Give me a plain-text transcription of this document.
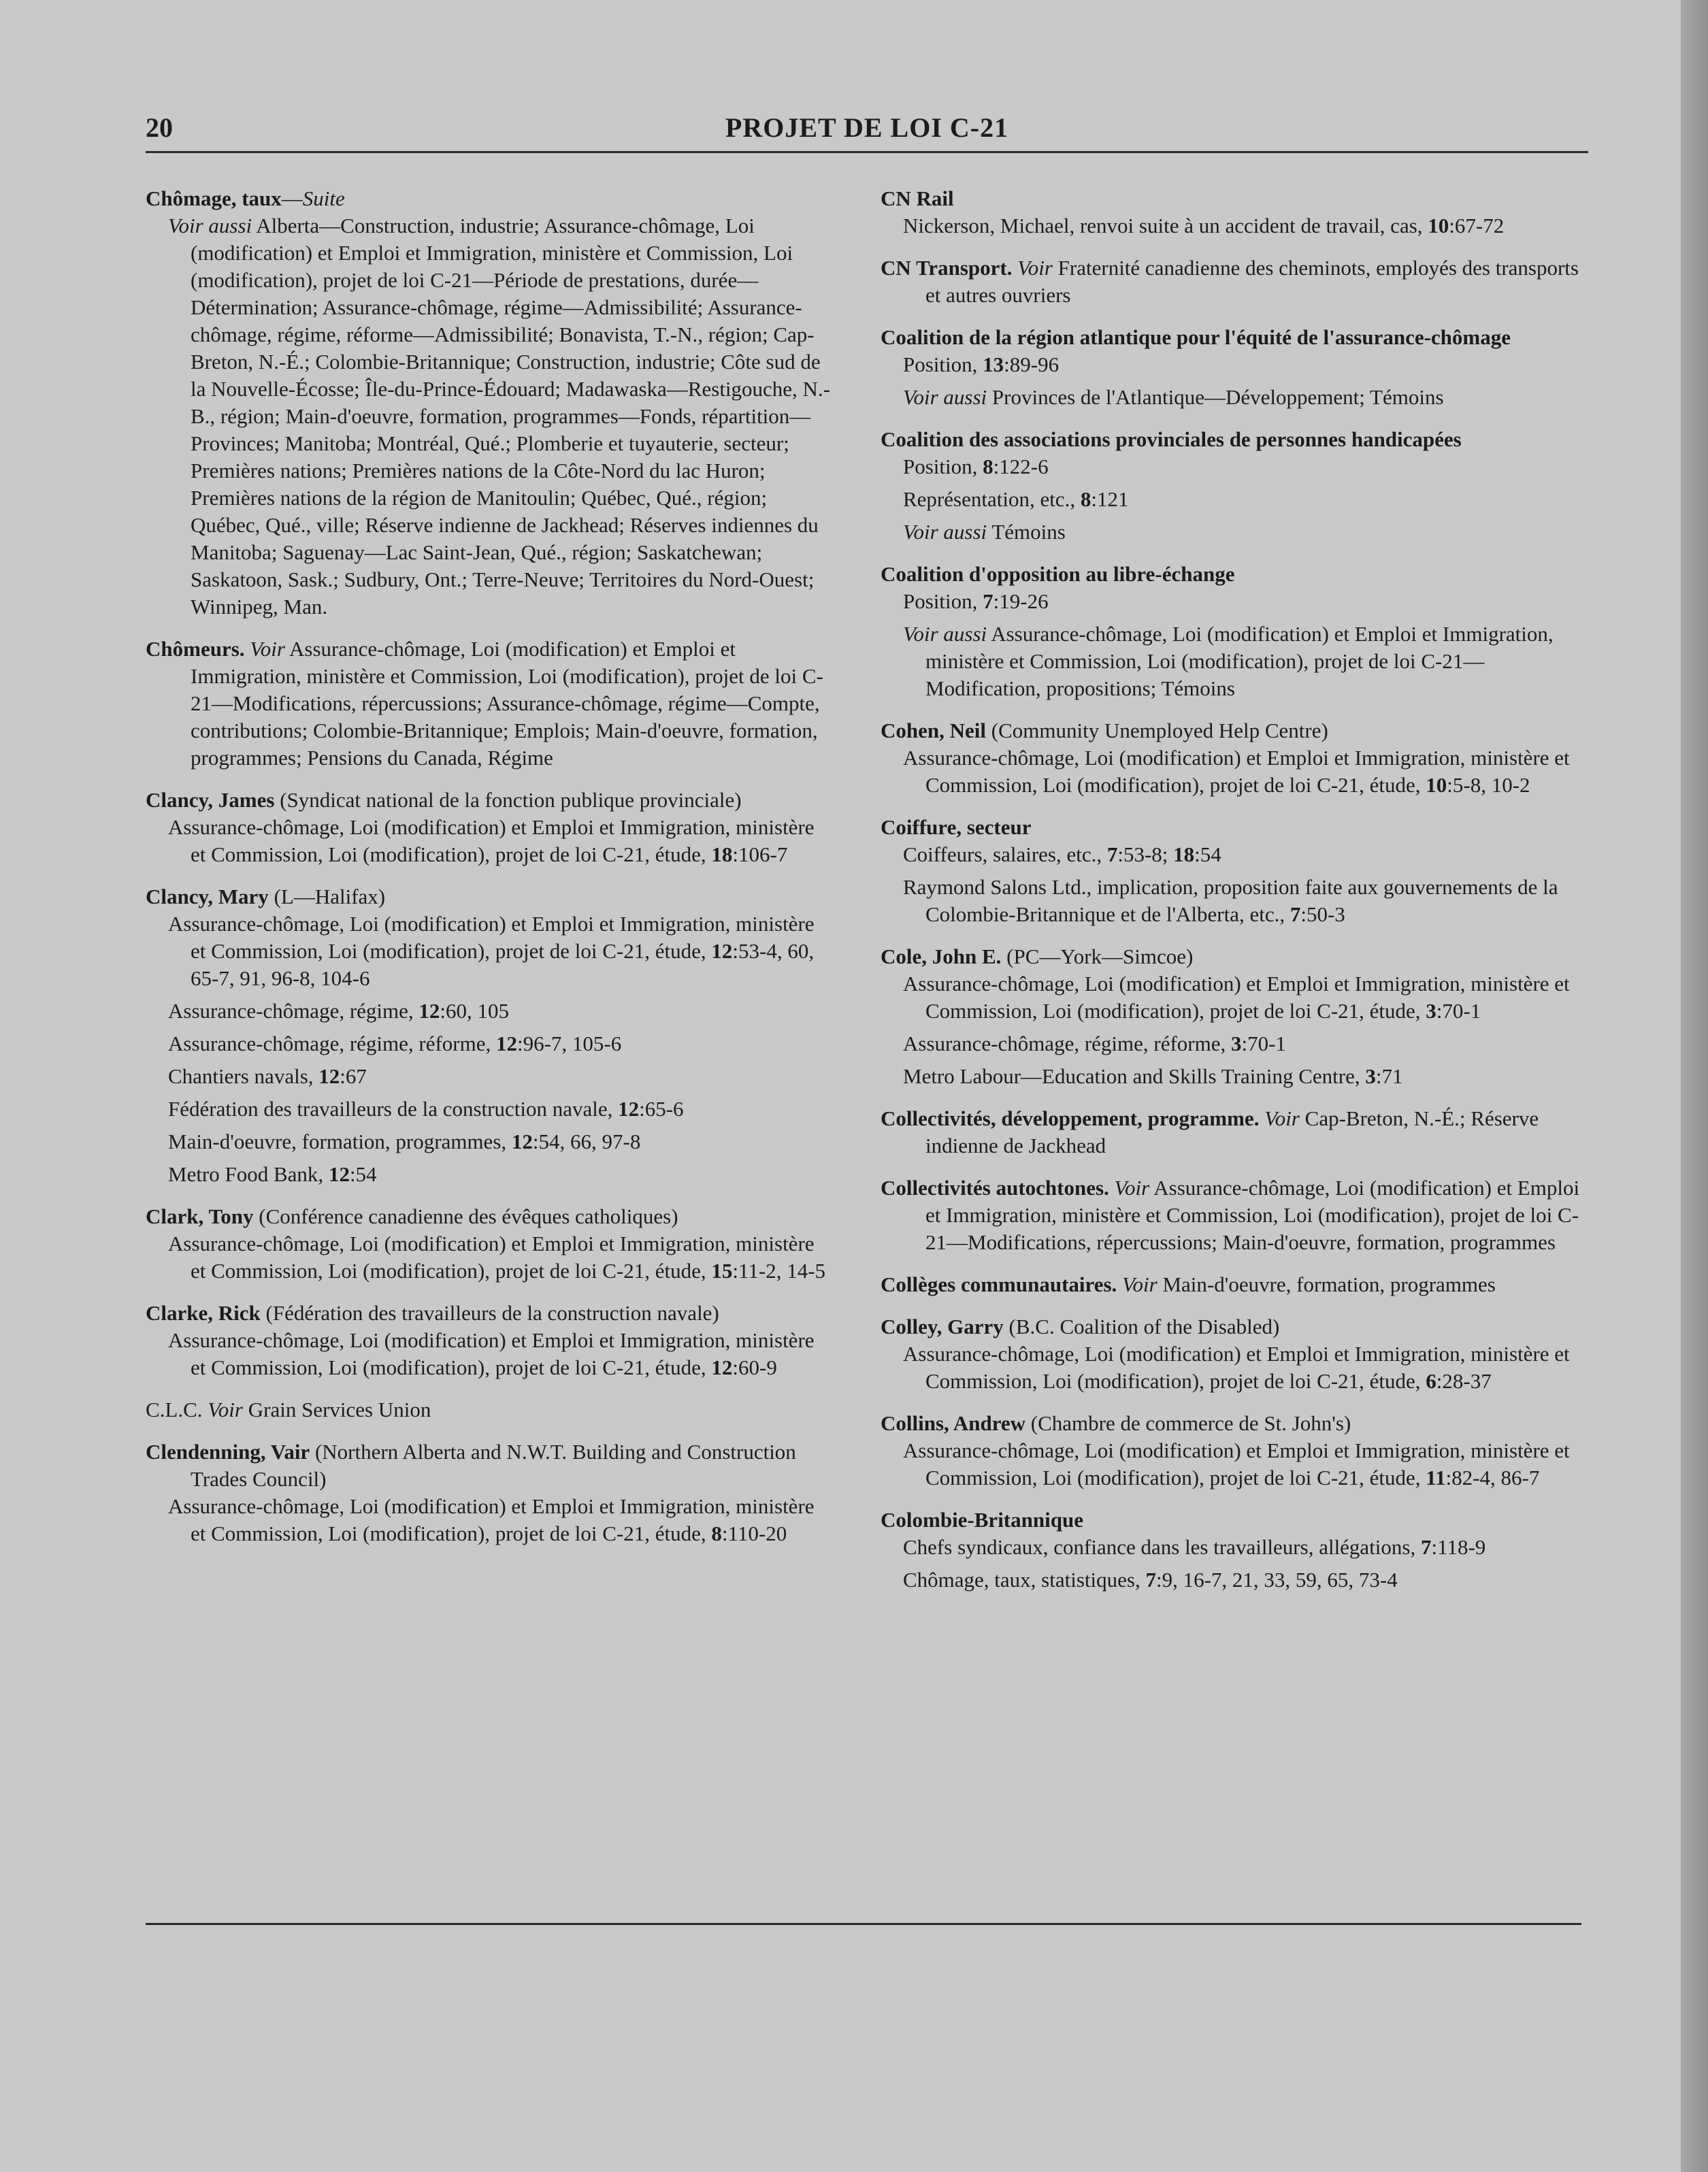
PROJET DE LOI C-21
20
Chômage, taux—Suite
Voir aussi Alberta—Construction, industrie; Assurance-chômage, Loi (modification) et Emploi et Immigration, ministère et Commission, Loi (modification), projet de loi C-21—Période de prestations, durée—Détermination; Assurance-chômage, régime—Admissibilité; Assurance-chômage, régime, réforme—Admissibilité; Bonavista, T.-N., région; Cap-Breton, N.-É.; Colombie-Britannique; Construction, industrie; Côte sud de la Nouvelle-Écosse; Île-du-Prince-Édouard; Madawaska—Restigouche, N.-B., région; Main-d'oeuvre, formation, programmes—Fonds, répartition—Provinces; Manitoba; Montréal, Qué.; Plomberie et tuyauterie, secteur; Premières nations; Premières nations de la Côte-Nord du lac Huron; Premières nations de la région de Manitoulin; Québec, Qué., région; Québec, Qué., ville; Réserve indienne de Jackhead; Réserves indiennes du Manitoba; Saguenay—Lac Saint-Jean, Qué., région; Saskatchewan; Saskatoon, Sask.; Sudbury, Ont.; Terre-Neuve; Territoires du Nord-Ouest; Winnipeg, Man.
Chômeurs. Voir Assurance-chômage, Loi (modification) et Emploi et Immigration, ministère et Commission, Loi (modification), projet de loi C-21—Modifications, répercussions; Assurance-chômage, régime—Compte, contributions; Colombie-Britannique; Emplois; Main-d'oeuvre, formation, programmes; Pensions du Canada, Régime
Clancy, James (Syndicat national de la fonction publique provinciale)
Assurance-chômage, Loi (modification) et Emploi et Immigration, ministère et Commission, Loi (modification), projet de loi C-21, étude, 18:106-7
Clancy, Mary (L—Halifax)
Assurance-chômage, Loi (modification) et Emploi et Immigration, ministère et Commission, Loi (modification), projet de loi C-21, étude, 12:53-4, 60, 65-7, 91, 96-8, 104-6
Assurance-chômage, régime, 12:60, 105
Assurance-chômage, régime, réforme, 12:96-7, 105-6
Chantiers navals, 12:67
Fédération des travailleurs de la construction navale, 12:65-6
Main-d'oeuvre, formation, programmes, 12:54, 66, 97-8
Metro Food Bank, 12:54
Clark, Tony (Conférence canadienne des évêques catholiques)
Assurance-chômage, Loi (modification) et Emploi et Immigration, ministère et Commission, Loi (modification), projet de loi C-21, étude, 15:11-2, 14-5
Clarke, Rick (Fédération des travailleurs de la construction navale)
Assurance-chômage, Loi (modification) et Emploi et Immigration, ministère et Commission, Loi (modification), projet de loi C-21, étude, 12:60-9
C.L.C. Voir Grain Services Union
Clendenning, Vair (Northern Alberta and N.W.T. Building and Construction Trades Council)
Assurance-chômage, Loi (modification) et Emploi et Immigration, ministère et Commission, Loi (modification), projet de loi C-21, étude, 8:110-20
CN Rail
Nickerson, Michael, renvoi suite à un accident de travail, cas, 10:67-72
CN Transport. Voir Fraternité canadienne des cheminots, employés des transports et autres ouvriers
Coalition de la région atlantique pour l'équité de l'assurance-chômage
Position, 13:89-96
Voir aussi Provinces de l'Atlantique—Développement; Témoins
Coalition des associations provinciales de personnes handicapées
Position, 8:122-6
Représentation, etc., 8:121
Voir aussi Témoins
Coalition d'opposition au libre-échange
Position, 7:19-26
Voir aussi Assurance-chômage, Loi (modification) et Emploi et Immigration, ministère et Commission, Loi (modification), projet de loi C-21—Modification, propositions; Témoins
Cohen, Neil (Community Unemployed Help Centre)
Assurance-chômage, Loi (modification) et Emploi et Immigration, ministère et Commission, Loi (modification), projet de loi C-21, étude, 10:5-8, 10-2
Coiffure, secteur
Coiffeurs, salaires, etc., 7:53-8; 18:54
Raymond Salons Ltd., implication, proposition faite aux gouvernements de la Colombie-Britannique et de l'Alberta, etc., 7:50-3
Cole, John E. (PC—York—Simcoe)
Assurance-chômage, Loi (modification) et Emploi et Immigration, ministère et Commission, Loi (modification), projet de loi C-21, étude, 3:70-1
Assurance-chômage, régime, réforme, 3:70-1
Metro Labour—Education and Skills Training Centre, 3:71
Collectivités, développement, programme. Voir Cap-Breton, N.-É.; Réserve indienne de Jackhead
Collectivités autochtones. Voir Assurance-chômage, Loi (modification) et Emploi et Immigration, ministère et Commission, Loi (modification), projet de loi C-21—Modifications, répercussions; Main-d'oeuvre, formation, programmes
Collèges communautaires. Voir Main-d'oeuvre, formation, programmes
Colley, Garry (B.C. Coalition of the Disabled)
Assurance-chômage, Loi (modification) et Emploi et Immigration, ministère et Commission, Loi (modification), projet de loi C-21, étude, 6:28-37
Collins, Andrew (Chambre de commerce de St. John's)
Assurance-chômage, Loi (modification) et Emploi et Immigration, ministère et Commission, Loi (modification), projet de loi C-21, étude, 11:82-4, 86-7
Colombie-Britannique
Chefs syndicaux, confiance dans les travailleurs, allégations, 7:118-9
Chômage, taux, statistiques, 7:9, 16-7, 21, 33, 59, 65, 73-4
